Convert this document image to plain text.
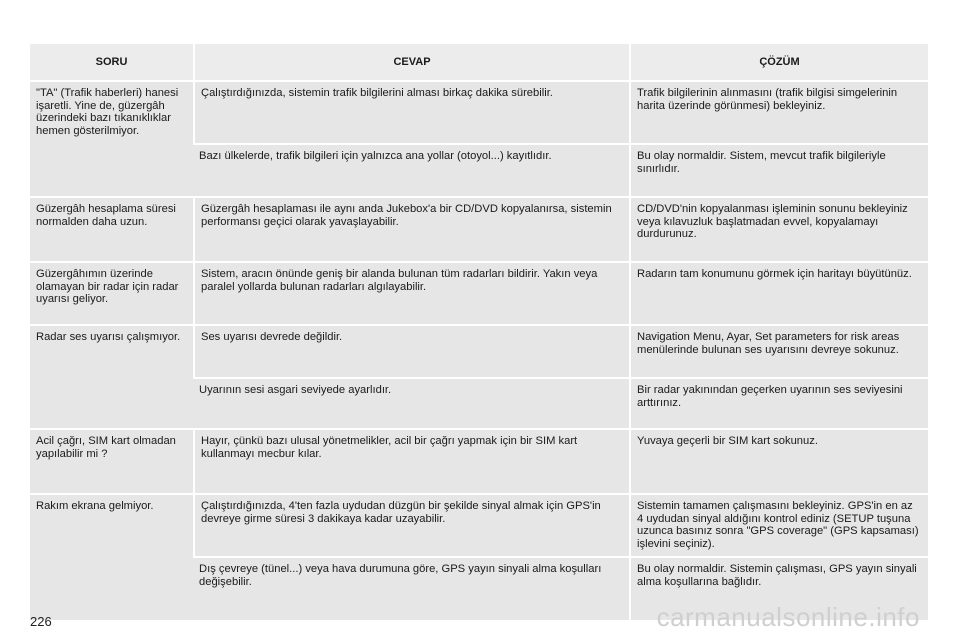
SORU	CEVAP	ÇÖZÜM
"TA" (Trafik haberleri) hanesi işaretli. Yine de, güzergâh üzerindeki bazı tıkanıklıklar hemen gösterilmiyor.	Çalıştırdığınızda, sistemin trafik bilgilerini alması birkaç dakika sürebilir.	Trafik bilgilerinin alınmasını (trafik bilgisi simgelerinin harita üzerinde görünmesi) bekleyiniz.
	Bazı ülkelerde, trafik bilgileri için yalnızca ana yollar (otoyol...) kayıtlıdır.	Bu olay normaldir. Sistem, mevcut trafik bilgileriyle sınırlıdır.
Güzergâh hesaplama süresi normalden daha uzun.	Güzergâh hesaplaması ile aynı anda Jukebox'a bir CD/DVD kopyalanırsa, sistemin performansı geçici olarak yavaşlayabilir.	CD/DVD'nin kopyalanması işleminin sonunu bekleyiniz veya kılavuzluk başlatmadan evvel, kopyalamayı durdurunuz.
Güzergâhımın üzerinde olamayan bir radar için radar uyarısı geliyor.	Sistem, aracın önünde geniş bir alanda bulunan tüm radarları bildirir. Yakın veya paralel yollarda bulunan radarları algılayabilir.	Radarın tam konumunu görmek için haritayı büyütünüz.
Radar ses uyarısı çalışmıyor.	Ses uyarısı devrede değildir.	Navigation Menu, Ayar, Set parameters for risk areas menülerinde bulunan ses uyarısını devreye sokunuz.
	Uyarının sesi asgari seviyede ayarlıdır.	Bir radar yakınından geçerken uyarının ses seviyesini arttırınız.
Acil çağrı, SIM kart olmadan yapılabilir mi ?	Hayır, çünkü bazı ulusal yönetmelikler, acil bir çağrı yapmak için bir SIM kart kullanmayı mecbur kılar.	Yuvaya geçerli bir SIM kart sokunuz.
Rakım ekrana gelmiyor.	Çalıştırdığınızda, 4'ten fazla uydudan düzgün bir şekilde sinyal almak için GPS'in devreye girme süresi 3 dakikaya kadar uzayabilir.	Sistemin tamamen çalışmasını bekleyiniz. GPS'in en az 4 uydudan sinyal aldığını kontrol ediniz (SETUP tuşuna uzunca basınız sonra "GPS coverage" (GPS kapsaması) işlevini seçiniz).
	Dış çevreye (tünel...) veya hava durumuna göre, GPS yayın sinyali alma koşulları değişebilir.	Bu olay normaldir. Sistemin çalışması, GPS yayın sinyali alma koşullarına bağlıdır.
226	carmanualsonline.info
